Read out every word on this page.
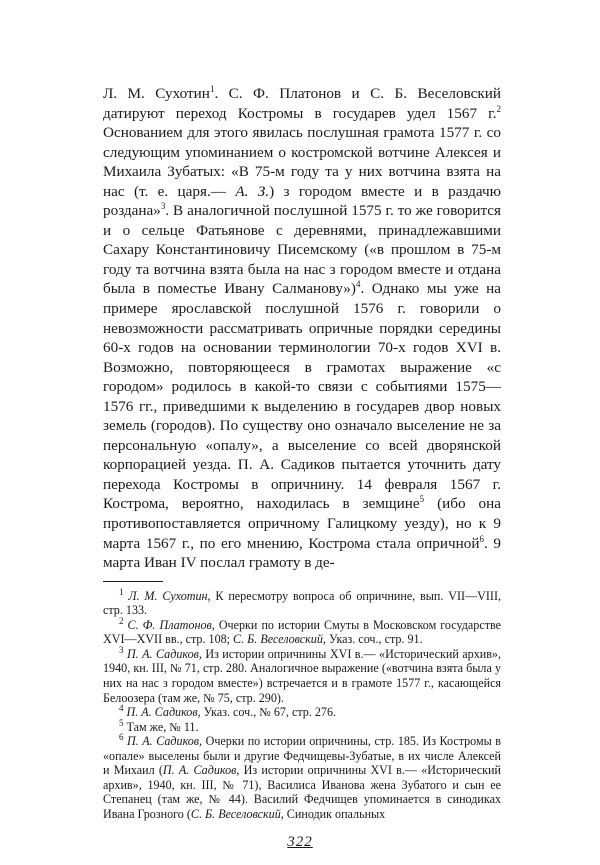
Л. М. Сухотин$^1$. С. Ф. Платонов и С. Б. Веселовский датируют переход Костромы в государев удел 1567 г.$^2$ Основанием для этого явилась послушная грамота 1577 г. со следующим упоминанием о костромской вотчине Алексея и Михаила Зубатых: «В 75-м году та у них вотчина взята на нас (т. е. царя.— А. З.) з городом вместе и в раздачю роздана»$^3$. В аналогичной послушной 1575 г. то же говорится и о сельце Фатьянове с деревнями, принадлежавшими Сахару Константиновичу Писемскому («в прошлом в 75-м году та вотчина взята была на нас з городом вместе и отдана была в поместье Ивану Салманову»)$^4$. Однако мы уже на примере ярославской послушной 1576 г. говорили о невозможности рассматривать опричные порядки середины 60-х годов на основании терминологии 70-х годов XVI в. Возможно, повторяющееся в грамотах выражение «с городом» родилось в какой-то связи с событиями 1575—1576 гг., приведшими к выделению в государев двор новых земель (городов). По существу оно означало выселение не за персональную «опалу», а выселение со всей дворянской корпорацией уезда. П. А. Садиков пытается уточнить дату перехода Костромы в опричнину. 14 февраля 1567 г. Кострома, вероятно, находилась в земщине$^5$ (ибо она противопоставляется опричному Галицкому уезду), но к 9 марта 1567 г., по его мнению, Кострома стала опричной$^6$. 9 марта Иван IV послал грамоту в де-

$^1$ Л. М. Сухотин, К пересмотру вопроса об опричнине, вып. VII—VIII, стр. 133.

$^2$ С. Ф. Платонов, Очерки по истории Смуты в Московском государстве XVI—XVII вв., стр. 108; С. Б. Веселовский, Указ. соч., стр. 91.

$^3$ П. А. Садиков, Из истории опричнины XVI в.— «Исторический архив», 1940, кн. III, № 71, стр. 280. Аналогичное выражение («вотчина взята была у них на нас з городом вместе») встречается и в грамоте 1577 г., касающейся Белоозера (там же, № 75, стр. 290).

$^4$ П. А. Садиков, Указ. соч., № 67, стр. 276.

$^5$ Там же, № 11.

$^6$ П. А. Садиков, Очерки по истории опричнины, стр. 185. Из Костромы в «опале» выселены были и другие Федчищевы-Зубатые, в их числе Алексей и Михаил (П. А. Садиков, Из истории опричнины XVI в.— «Исторический архив», 1940, кн. III, № 71), Василиса Иванова жена Зубатого и сын ее Степанец (там же, № 44). Василий Федчищев упоминается в синодиках Ивана Грозного (С. Б. Веселовский, Синодик опальных

322
